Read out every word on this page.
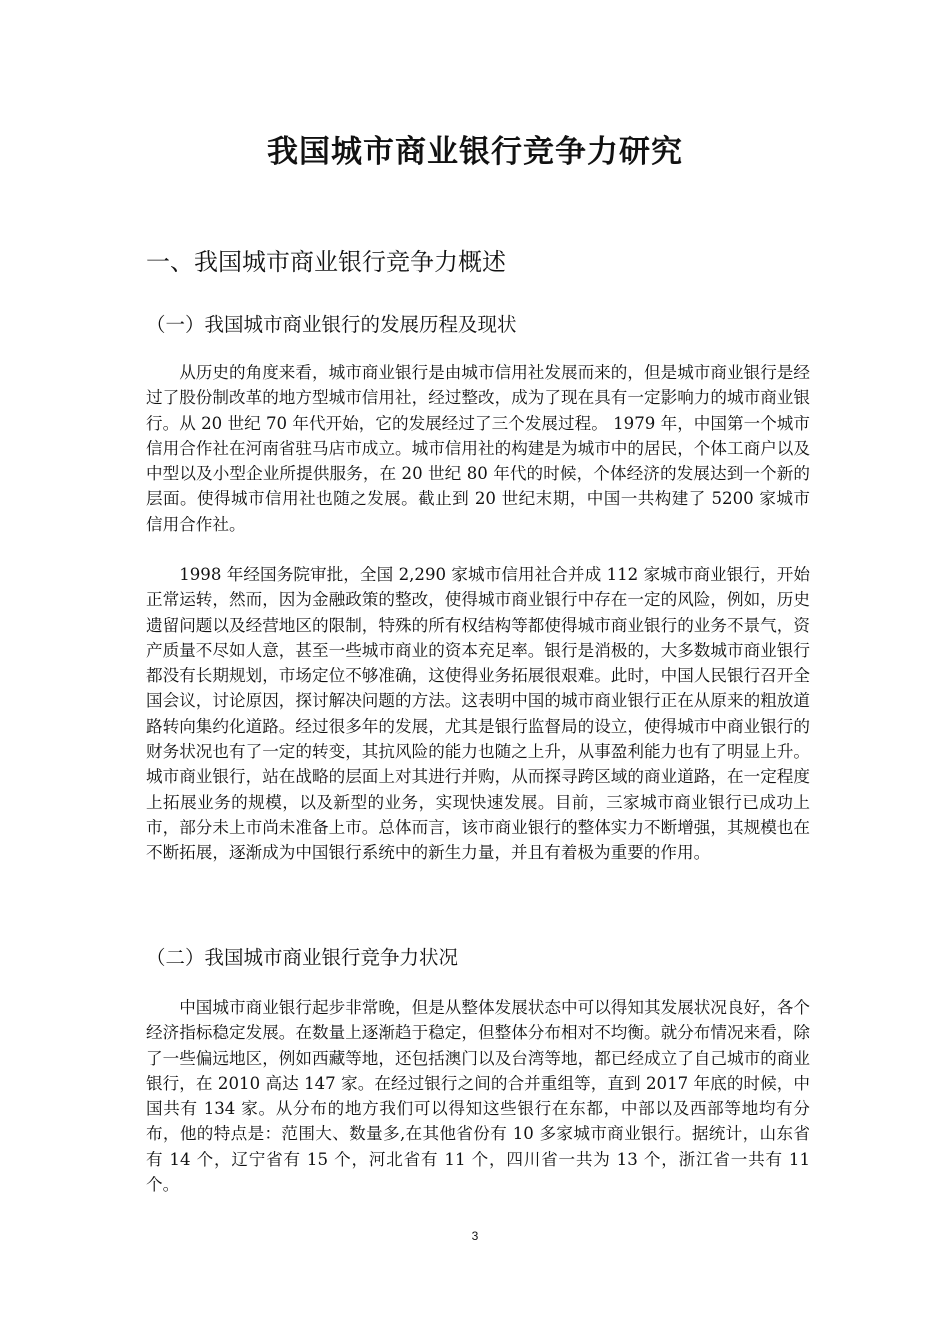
我国城市商业银行竞争力研究
一、我国城市商业银行竞争力概述
（一）我国城市商业银行的发展历程及现状

从历史的角度来看，城市商业银行是由城市信用社发展而来的，但是城市商业银行是经过了股份制改革的地方型城市信用社，经过整改，成为了现在具有一定影响力的城市商业银行。从 20 世纪 70 年代开始，它的发展经过了三个发展过程。 1979 年，中国第一个城市信用合作社在河南省驻马店市成立。城市信用社的构建是为城市中的居民，个体工商户以及中型以及小型企业所提供服务，在 20 世纪 80 年代的时候，个体经济的发展达到一个新的层面。使得城市信用社也随之发展。截止到 20 世纪末期，中国一共构建了 5200 家城市信用合作社。

1998 年经国务院审批，全国 2,290 家城市信用社合并成 112 家城市商业银行，开始正常运转，然而，因为金融政策的整改，使得城市商业银行中存在一定的风险，例如，历史遗留问题以及经营地区的限制，特殊的所有权结构等都使得城市商业银行的业务不景气，资产质量不尽如人意，甚至一些城市商业的资本充足率。银行是消极的，大多数城市商业银行都没有长期规划，市场定位不够准确，这使得业务拓展很艰难。此时，中国人民银行召开全国会议，讨论原因，探讨解决问题的方法。这表明中国的城市商业银行正在从原来的粗放道路转向集约化道路。经过很多年的发展，尤其是银行监督局的设立，使得城市中商业银行的财务状况也有了一定的转变，其抗风险的能力也随之上升，从事盈利能力也有了明显上升。城市商业银行，站在战略的层面上对其进行并购，从而探寻跨区域的商业道路，在一定程度上拓展业务的规模，以及新型的业务，实现快速发展。目前，三家城市商业银行已成功上市，部分未上市尚未准备上市。总体而言，该市商业银行的整体实力不断增强，其规模也在不断拓展，逐渐成为中国银行系统中的新生力量，并且有着极为重要的作用。

（二）我国城市商业银行竞争力状况

中国城市商业银行起步非常晚，但是从整体发展状态中可以得知其发展状况良好，各个经济指标稳定发展。在数量上逐渐趋于稳定，但整体分布相对不均衡。就分布情况来看，除了一些偏远地区，例如西藏等地，还包括澳门以及台湾等地，都已经成立了自己城市的商业银行，在 2010 高达 147 家。在经过银行之间的合并重组等，直到 2017 年底的时候，中国共有 134 家。从分布的地方我们可以得知这些银行在东都，中部以及西部等地均有分布，他的特点是：范围大、数量多,在其他省份有 10 多家城市商业银行。据统计，山东省有 14 个，辽宁省有 15 个，河北省有 11 个，四川省一共为 13 个，浙江省一共有 11 个。

3
